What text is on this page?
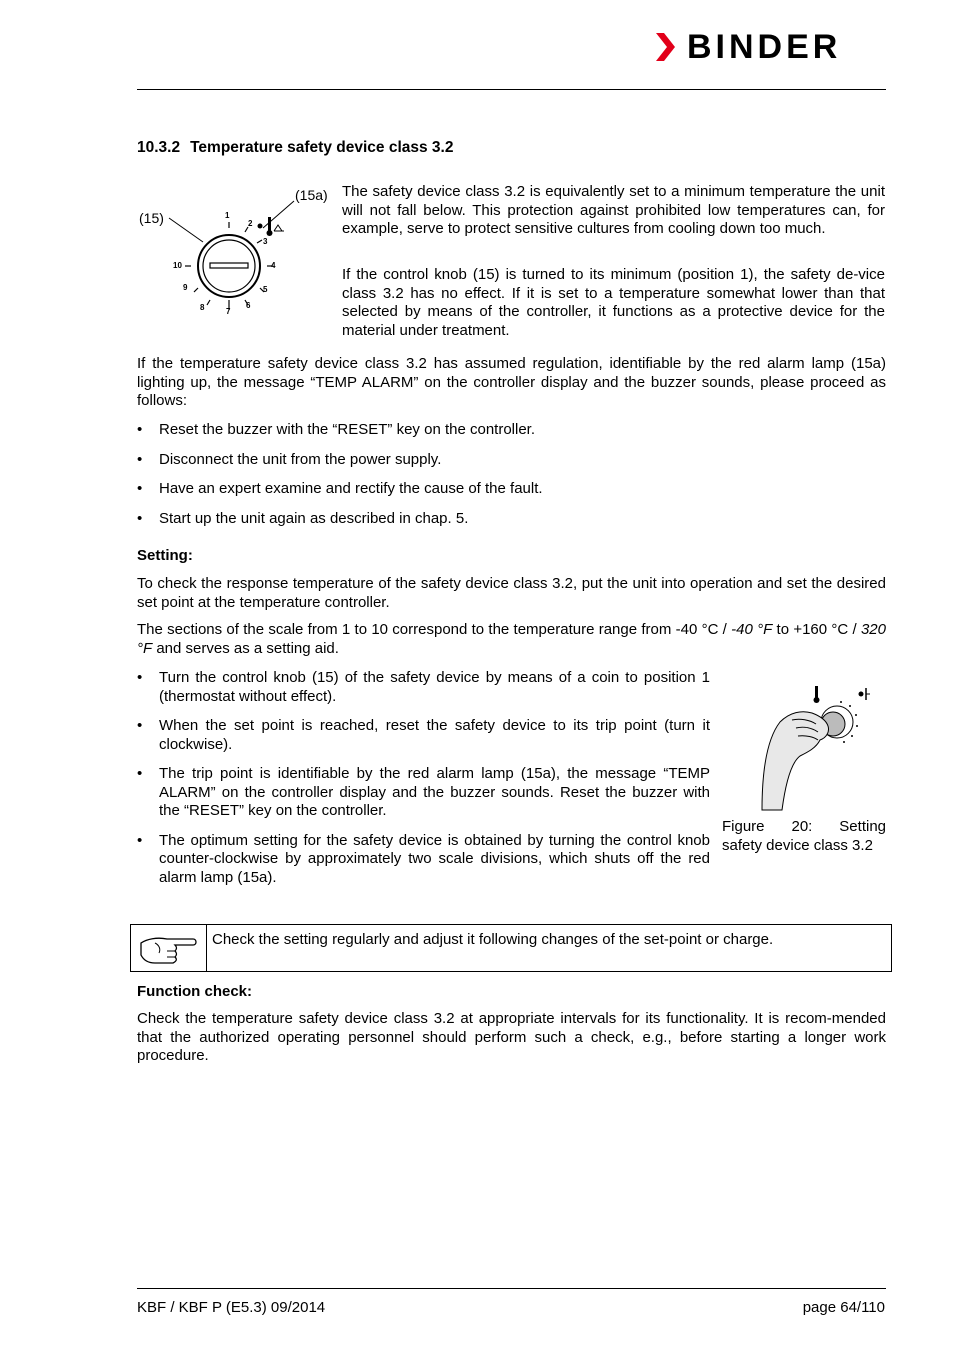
BINDER
10.3.2 Temperature safety device class 3.2
(15)
(15a)
1
2
3
4
5
6
7
8
9
10
The safety device class 3.2 is equivalently set to a minimum temperature the unit will not fall below. This protection against prohibited low temperatures can, for example, serve to protect sensitive cultures from cooling down too much.
If the control knob (15) is turned to its minimum (position 1), the safety de-vice class 3.2 has no effect. If it is set to a temperature somewhat lower than that selected by means of the controller, it functions as a protective device for the material under treatment.
If the temperature safety device class 3.2 has assumed regulation, identifiable by the red alarm lamp (15a) lighting up, the message “TEMP ALARM” on the controller display and the buzzer sounds, please proceed as follows:
• Reset the buzzer with the “RESET” key on the controller.
• Disconnect the unit from the power supply.
• Have an expert examine and rectify the cause of the fault.
• Start up the unit again as described in chap. 5.
Setting:
To check the response temperature of the safety device class 3.2, put the unit into operation and set the desired set point at the temperature controller.
The sections of the scale from 1 to 10 correspond to the temperature range from -40 °C / -40 °F to +160 °C / 320 °F and serves as a setting aid.
• Turn the control knob (15) of the safety device by means of a coin to position 1 (thermostat without effect).
• When the set point is reached, reset the safety device to its trip point (turn it clockwise).
• The trip point is identifiable by the red alarm lamp (15a), the message “TEMP ALARM” on the controller display and the buzzer sounds. Reset the buzzer with the “RESET” key on the controller.
• The optimum setting for the safety device is obtained by turning the control knob counter-clockwise by approximately two scale divisions, which shuts off the red alarm lamp (15a).
Figure 20: Setting
safety device class 3.2
Check the setting regularly and adjust it following changes of the set-point or charge.
Function check:
Check the temperature safety device class 3.2 at appropriate intervals for its functionality. It is recom-mended that the authorized operating personnel should perform such a check, e.g., before starting a longer work procedure.
KBF / KBF P (E5.3) 09/2014	page 64/110
